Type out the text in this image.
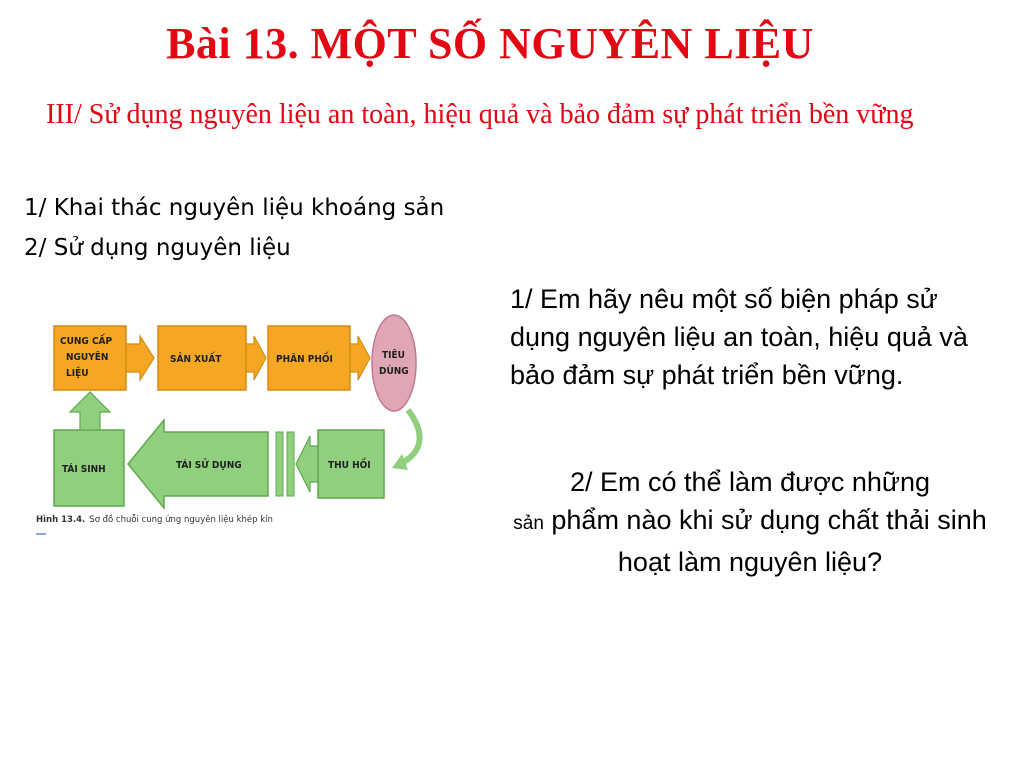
Bài 13. MỘT SỐ NGUYÊN LIỆU

III/ Sử dụng nguyên liệu an toàn, hiệu quả và bảo đảm sự phát triển bền vững

1/ Khai thác nguyên liệu khoáng sản

2/ Sử dụng nguyên liệu

CUNG CẤP
NGUYÊN
LIỆU
SẢN XUẤT	PHÂN PHỐI	TIÊU
DÙNG
THU HỒI
TÁI SỬ DỤNG
TÁI SINH
Hình 13.4. Sơ đồ chuỗi cung ứng nguyên liệu khép kín

1/ Em hãy nêu một số biện pháp sử dụng nguyên liệu an toàn, hiệu quả và bảo đảm sự phát triển bền vững.

2/ Em có thể làm được những
sản phẩm nào khi sử dụng chất thải sinh hoạt làm nguyên liệu?
